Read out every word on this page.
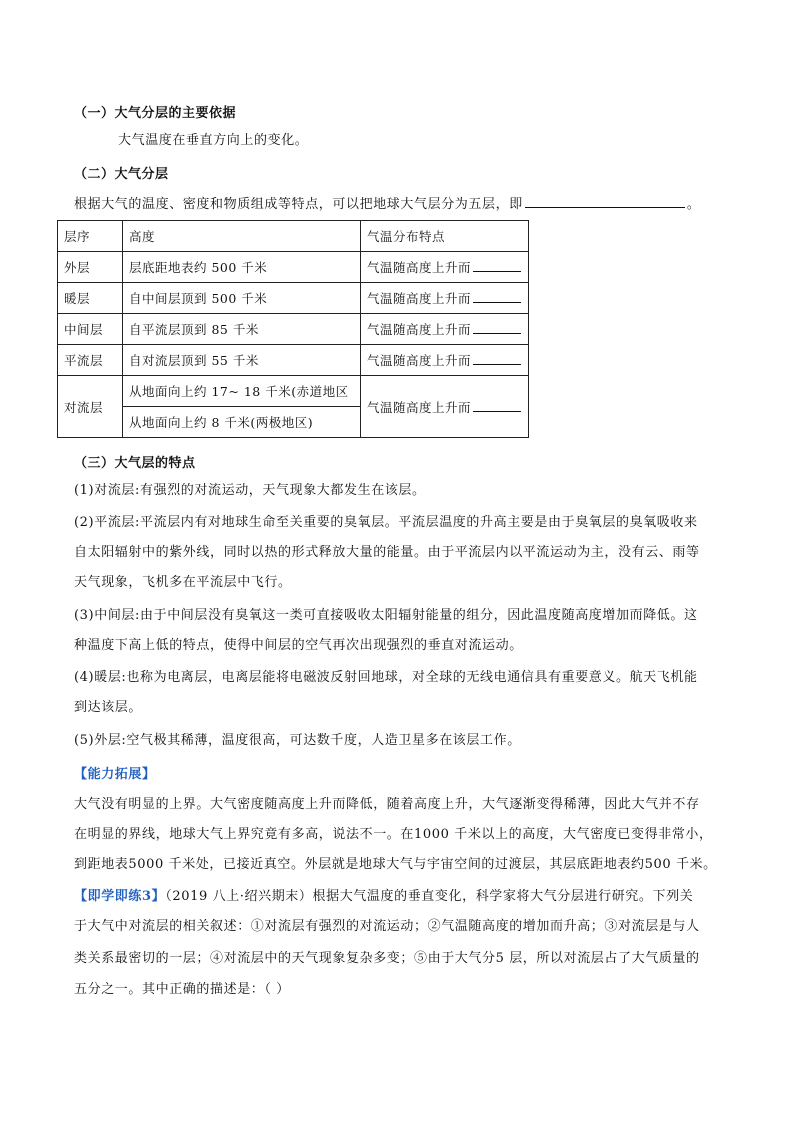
（一）大气分层的主要依据
大气温度在垂直方向上的变化。
（二）大气分层
根据大气的温度、密度和物质组成等特点，可以把地球大气层分为五层，即	。
层序	高度	气温分布特点
外层	层底距地表约 500 千米	气温随高度上升而
暖层	自中间层顶到 500 千米	气温随高度上升而
中间层	自平流层顶到 85 千米	气温随高度上升而
平流层	自对流层顶到 55 千米	气温随高度上升而
对流层	从地面向上约 17~ 18 千米(赤道地区	气温随高度上升而
	从地面向上约 8 千米(两极地区)	
（三）大气层的特点
(1)对流层:有强烈的对流运动，天气现象大都发生在该层。
(2)平流层:平流层内有对地球生命至关重要的臭氧层。平流层温度的升高主要是由于臭氧层的臭氧吸收来
自太阳辐射中的紫外线，同时以热的形式释放大量的能量。由于平流层内以平流运动为主，没有云、雨等
天气现象，飞机多在平流层中飞行。
(3)中间层:由于中间层没有臭氧这一类可直接吸收太阳辐射能量的组分，因此温度随高度增加而降低。这
种温度下高上低的特点，使得中间层的空气再次出现强烈的垂直对流运动。
(4)暖层:也称为电离层，电离层能将电磁波反射回地球，对全球的无线电通信具有重要意义。航天飞机能
到达该层。
(5)外层:空气极其稀薄，温度很高，可达数千度，人造卫星多在该层工作。
【能力拓展】
大气没有明显的上界。大气密度随高度上升而降低，随着高度上升，大气逐渐变得稀薄，因此大气并不存
在明显的界线，地球大气上界究竟有多高，说法不一。在1000 千米以上的高度，大气密度已变得非常小，
到距地表5000 千米处，已接近真空。外层就是地球大气与宇宙空间的过渡层，其层底距地表约500 千米。
【即学即练3】（2019 八上·绍兴期末）根据大气温度的垂直变化，科学家将大气分层进行研究。下列关
于大气中对流层的相关叙述：①对流层有强烈的对流运动；②气温随高度的增加而升高；③对流层是与人
类关系最密切的一层；④对流层中的天气现象复杂多变；⑤由于大气分5 层，所以对流层占了大气质量的
五分之一。其中正确的描述是：（ ）
